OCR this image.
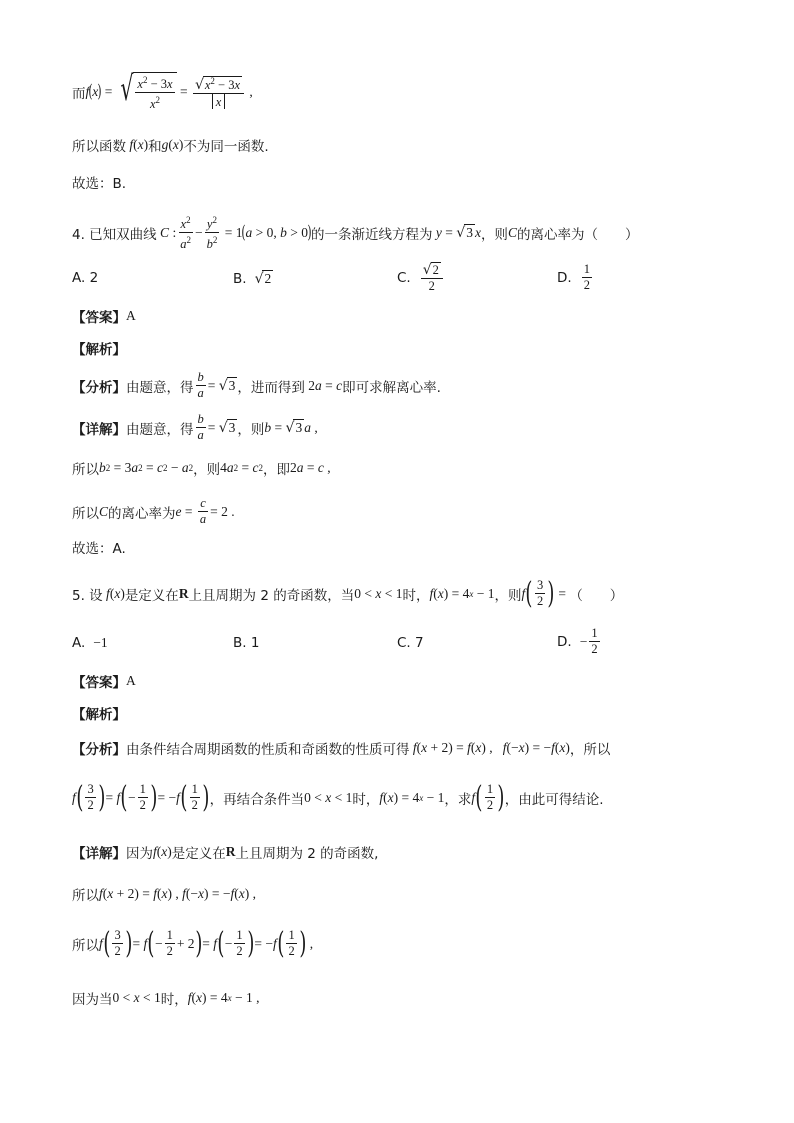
而 f ( x ) = √ $\frac{x^2 - 3x}{x^2} = \frac{√x^2 - 3x}{x}$ ,
所以函数 f ( x ) 和 g ( x ) 不为同一函数.
故选：B.
4. 已知双曲线 C : $\frac{x^2}{a^2} - \frac{y^2}{b^2} = 1$ ( a > 0, b > 0 ) 的一条渐近线方程为 y = √ 3 x ，则 C 的离心率为（　　）
A. 2	B. √ 2	C. $\frac{√2}{2}$	D. $\frac{1}{2}$
【答案】 A
【解析】
【分析】 由题意，得 $\frac{b}{a}$ = √ 3 ，进而得到 2 a = c 即可求解离心率.
【详解】 由题意，得 $\frac{b}{a}$ = √ 3 ，则 b = √ 3 a ,
所以 b 2 = 3 a 2 = c 2 − a 2 ，则 4 a 2 = c 2 ，即 2 a = c ,
所以 C 的离心率为 $e = \frac{c}{a} = 2$ .
故选：A.
5. 设 f ( x ) 是定义在 R 上且周期为 2 的奇函数，当 0 < x < 1 时， f ( x ) = 4 x − 1 ，则 f ( $\frac{3}{2}$ ) = （　　）
A. −1	B. 1	C. 7	D. − $\frac{1}{2}$
【答案】 A
【解析】
【分析】 由条件结合周期函数的性质和奇函数的性质可得 f ( x + 2) = f ( x ) , f (− x ) = − f ( x ) ，所以
f ( $\frac{3}{2}$ ) = f ( − $\frac{1}{2}$ ) = − f ( $\frac{1}{2}$ ) ，再结合条件当 0 < x < 1 时， f ( x ) = 4 x − 1 ，求 f ( $\frac{1}{2}$ ) ，由此可得结论.
【详解】 因为 f ( x ) 是定义在 R 上且周期为 2 的奇函数,
所以 f ( x + 2) = f ( x ) , f (− x ) = − f ( x ) ,
所以 f ( $\frac{3}{2}$ ) = f ( − $\frac{1}{2} + 2$ ) = f ( − $\frac{1}{2}$ ) = − f ( $\frac{1}{2}$ ) ,
因为当 0 < x < 1 时， f ( x ) = 4 x − 1 ,
